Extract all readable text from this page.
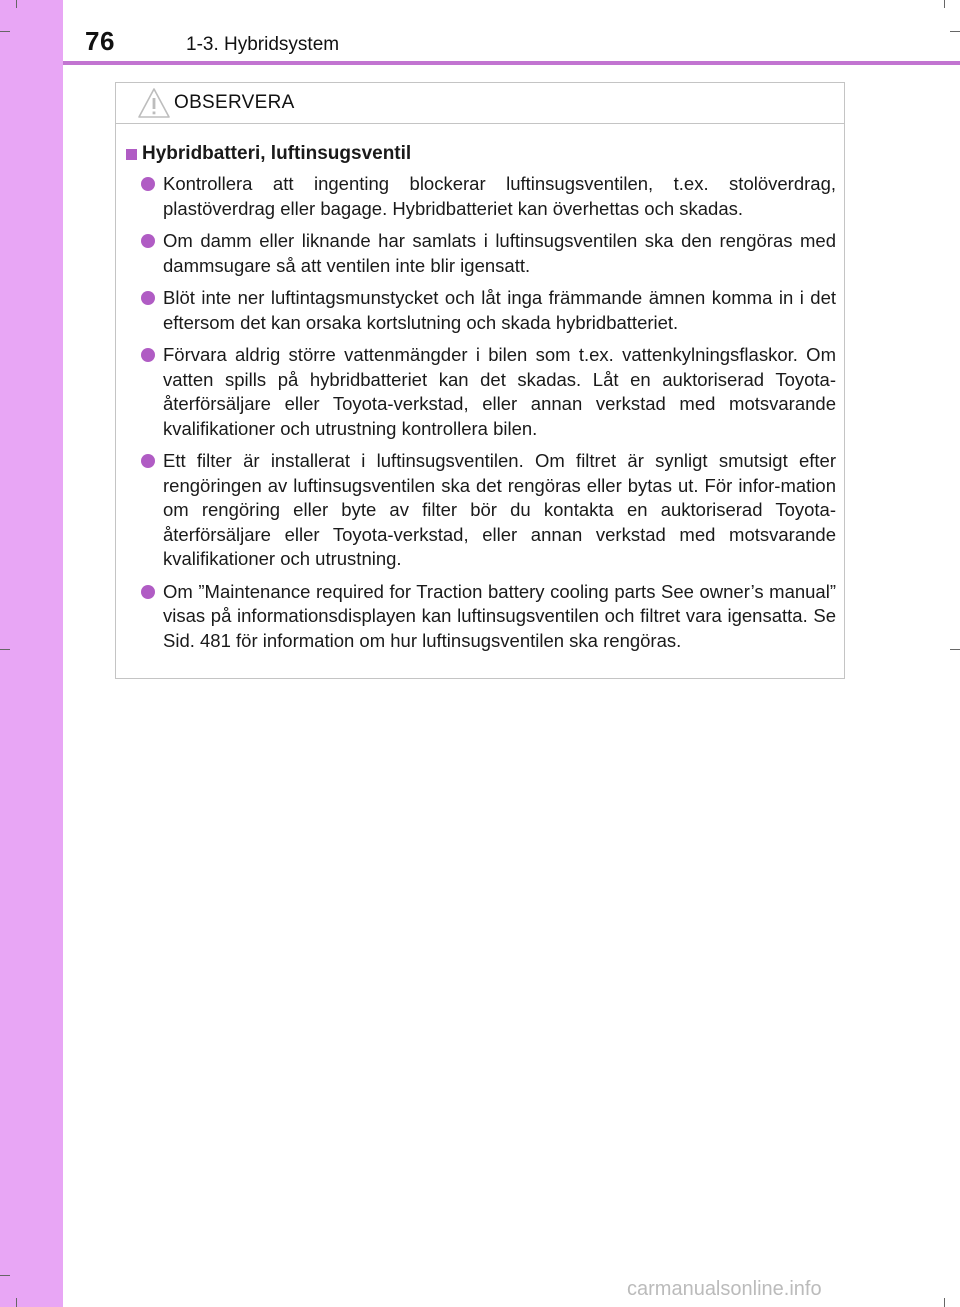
76	1-3. Hybridsystem
OBSERVERA
Hybridbatteri, luftinsugsventil
Kontrollera att ingenting blockerar luftinsugsventilen, t.ex. stolöverdrag, plastöverdrag eller bagage. Hybridbatteriet kan överhettas och skadas.
Om damm eller liknande har samlats i luftinsugsventilen ska den rengöras med dammsugare så att ventilen inte blir igensatt.
Blöt inte ner luftintagsmunstycket och låt inga främmande ämnen komma in i det eftersom det kan orsaka kortslutning och skada hybridbatteriet.
Förvara aldrig större vattenmängder i bilen som t.ex. vattenkylningsflaskor. Om vatten spills på hybridbatteriet kan det skadas. Låt en auktoriserad Toyota-återförsäljare eller Toyota-verkstad, eller annan verkstad med motsvarande kvalifikationer och utrustning kontrollera bilen.
Ett filter är installerat i luftinsugsventilen. Om filtret är synligt smutsigt efter rengöringen av luftinsugsventilen ska det rengöras eller bytas ut. För infor-mation om rengöring eller byte av filter bör du kontakta en auktoriserad Toyota-återförsäljare eller Toyota-verkstad, eller annan verkstad med motsvarande kvalifikationer och utrustning.
Om ”Maintenance required for Traction battery cooling parts See owner’s manual” visas på informationsdisplayen kan luftinsugsventilen och filtret vara igensatta. Se Sid. 481 för information om hur luftinsugsventilen ska rengöras.
carmanualsonline.info
